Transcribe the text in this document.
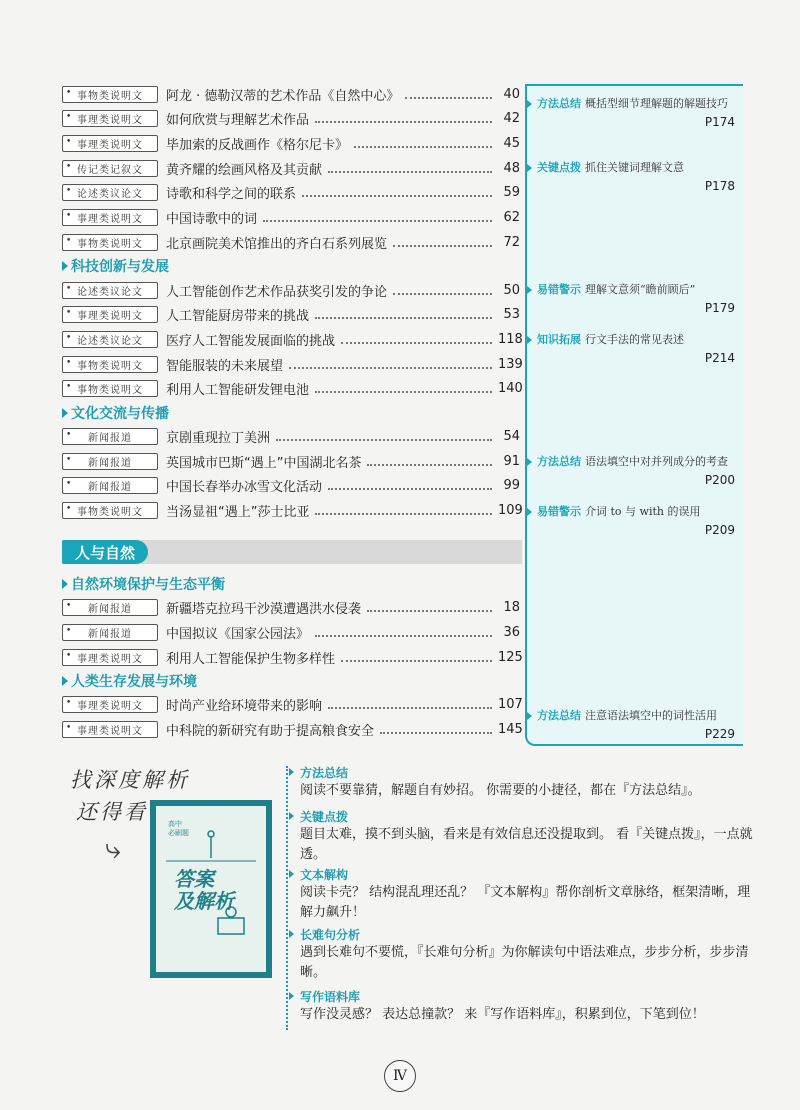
• 事物类说明文	阿龙 · 德勒汉蒂的艺术作品《自然中心》	40
• 事理类说明文	如何欣赏与理解艺术作品	42
• 事理类说明文	毕加索的反战画作《格尔尼卡》	45
• 传记类记叙文	黄齐耀的绘画风格及其贡献	48
• 论述类议论文	诗歌和科学之间的联系	59
• 事理类说明文	中国诗歌中的词	62
• 事物类说明文	北京画院美术馆推出的齐白石系列展览	72
科技创新与发展
• 论述类议论文	人工智能创作艺术作品获奖引发的争论	50
• 事理类说明文	人工智能厨房带来的挑战	53
• 论述类议论文	医疗人工智能发展面临的挑战	118
• 事物类说明文	智能服装的未来展望	139
• 事物类说明文	利用人工智能研发锂电池	140
文化交流与传播
• 新闻报道	京剧重现拉丁美洲	54
• 新闻报道	英国城市巴斯“遇上”中国湖北名茶	91
• 新闻报道	中国长春举办冰雪文化活动	99
• 事物类说明文	当汤显祖“遇上”莎士比亚	109
自然环境保护与生态平衡
• 新闻报道	新疆塔克拉玛干沙漠遭遇洪水侵袭	18
• 新闻报道	中国拟议《国家公园法》	36
• 事理类说明文	利用人工智能保护生物多样性	125
人类生存发展与环境
• 事理类说明文	时尚产业给环境带来的影响	107
• 事理类说明文	中科院的新研究有助于提高粮食安全	145
人与自然
方法总结 概括型细节理解题的解题技巧
P174
关键点拨 抓住关键词理解文意
P178
易错警示 理解文意须“瞻前顾后”
P179
知识拓展 行文手法的常见表述
P214
方法总结 语法填空中对并列成分的考查
P200
易错警示 介词 to 与 with 的误用
P209
方法总结 注意语法填空中的词性活用
P229
找深度解析
还得看
⤷
高中
必刷题
答案
及解析
方法总结
阅读不要靠猜，解题自有妙招。 你需要的小捷径，都在『方法总结』。
关键点拨
题目太难，摸不到头脑，看来是有效信息还没提取到。 看『关键点拨』，一点就透。
文本解构
阅读卡壳？ 结构混乱理还乱？ 『文本解构』帮你剖析文章脉络，框架清晰，理解力飙升！
长难句分析
遇到长难句不要慌，『长难句分析』为你解读句中语法难点，步步分析，步步清晰。
写作语料库
写作没灵感？ 表达总撞款？ 来『写作语料库』，积累到位，下笔到位！
Ⅳ
